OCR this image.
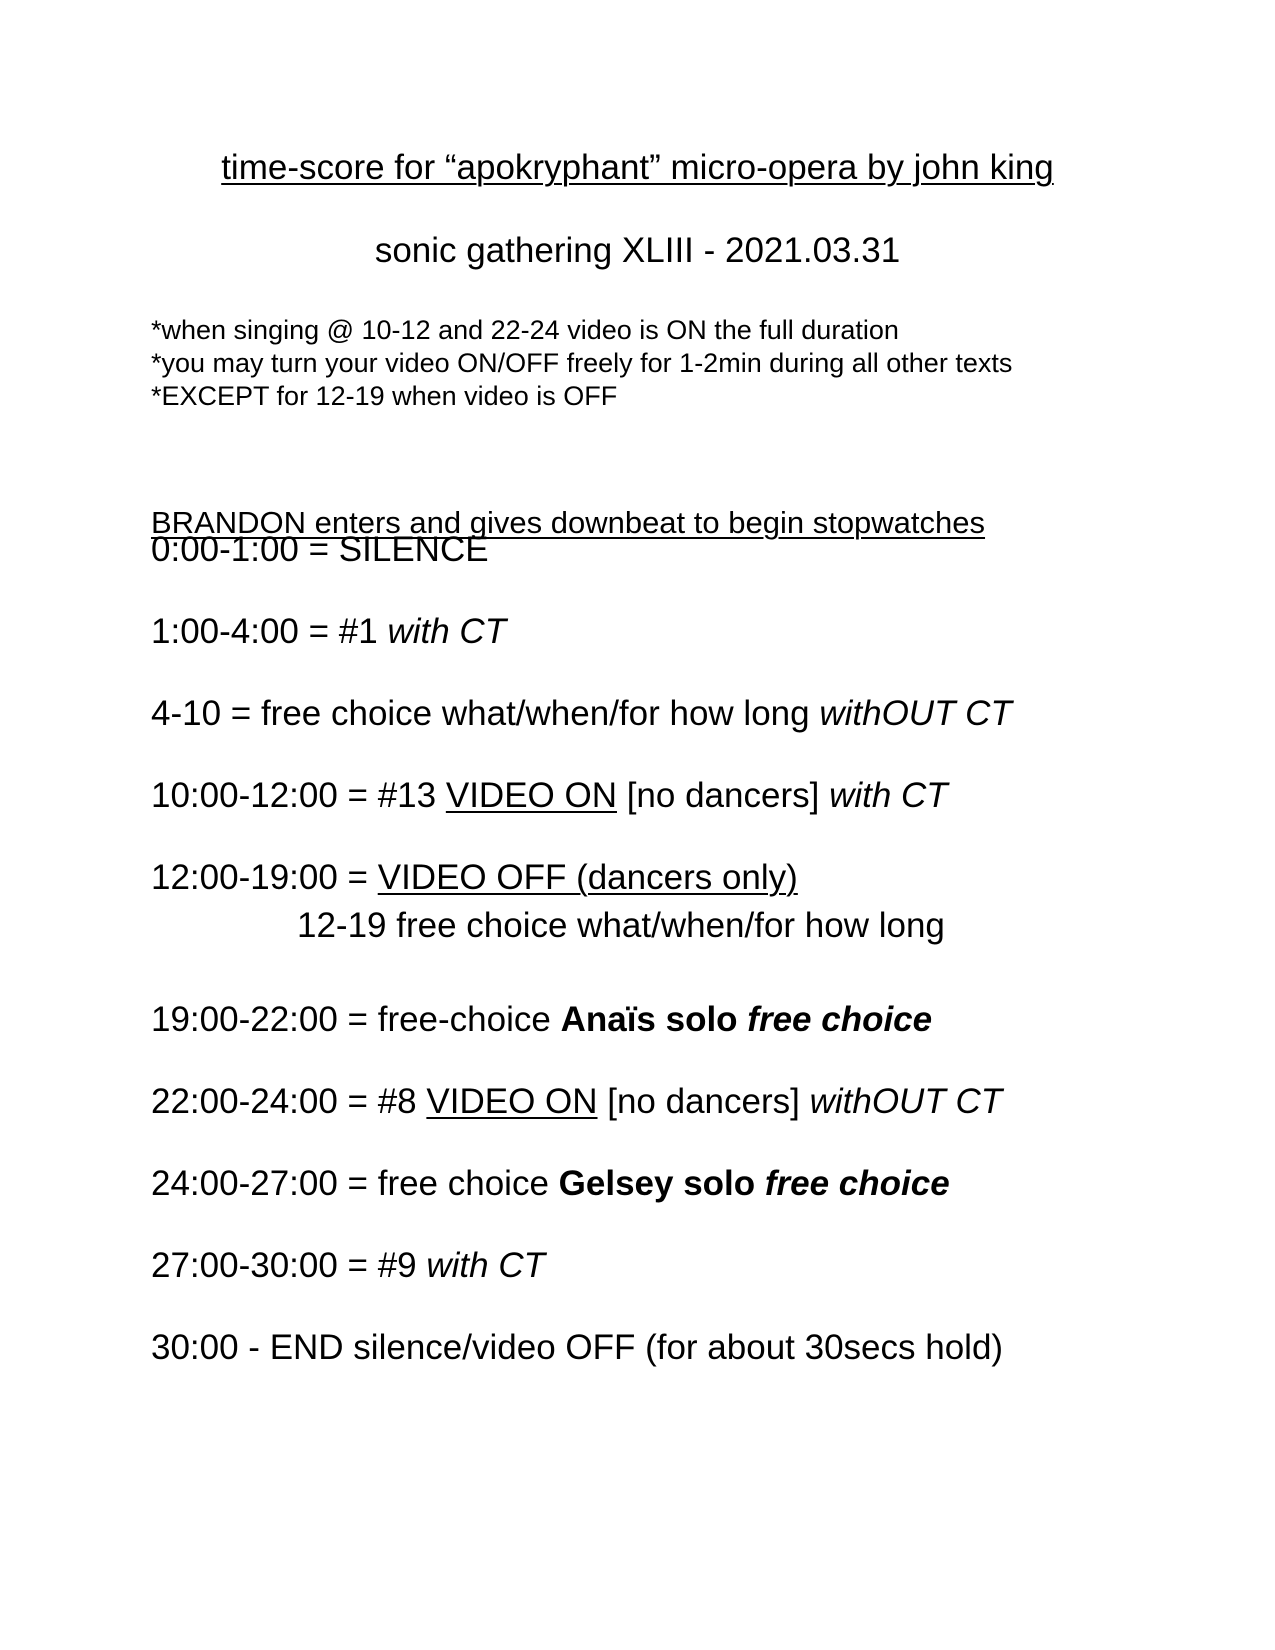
time-score for “apokryphant” micro-opera by john king
sonic gathering XLIII - 2021.03.31
*when singing @ 10-12 and 22-24 video is ON the full duration
*you may turn your video ON/OFF freely for 1-2min during all other texts
*EXCEPT for 12-19 when video is OFF
BRANDON enters and gives downbeat to begin stopwatches
0:00-1:00 = SILENCE
1:00-4:00 = #1 with CT
4-10 = free choice what/when/for how long withOUT CT
10:00-12:00 = #13 VIDEO ON [no dancers] with CT
12:00-19:00 = VIDEO OFF (dancers only)
12-19 free choice what/when/for how long
19:00-22:00 = free-choice Anaïs solo free choice
22:00-24:00 = #8 VIDEO ON [no dancers] withOUT CT
24:00-27:00 = free choice Gelsey solo free choice
27:00-30:00 = #9 with CT
30:00 - END silence/video OFF (for about 30secs hold)
